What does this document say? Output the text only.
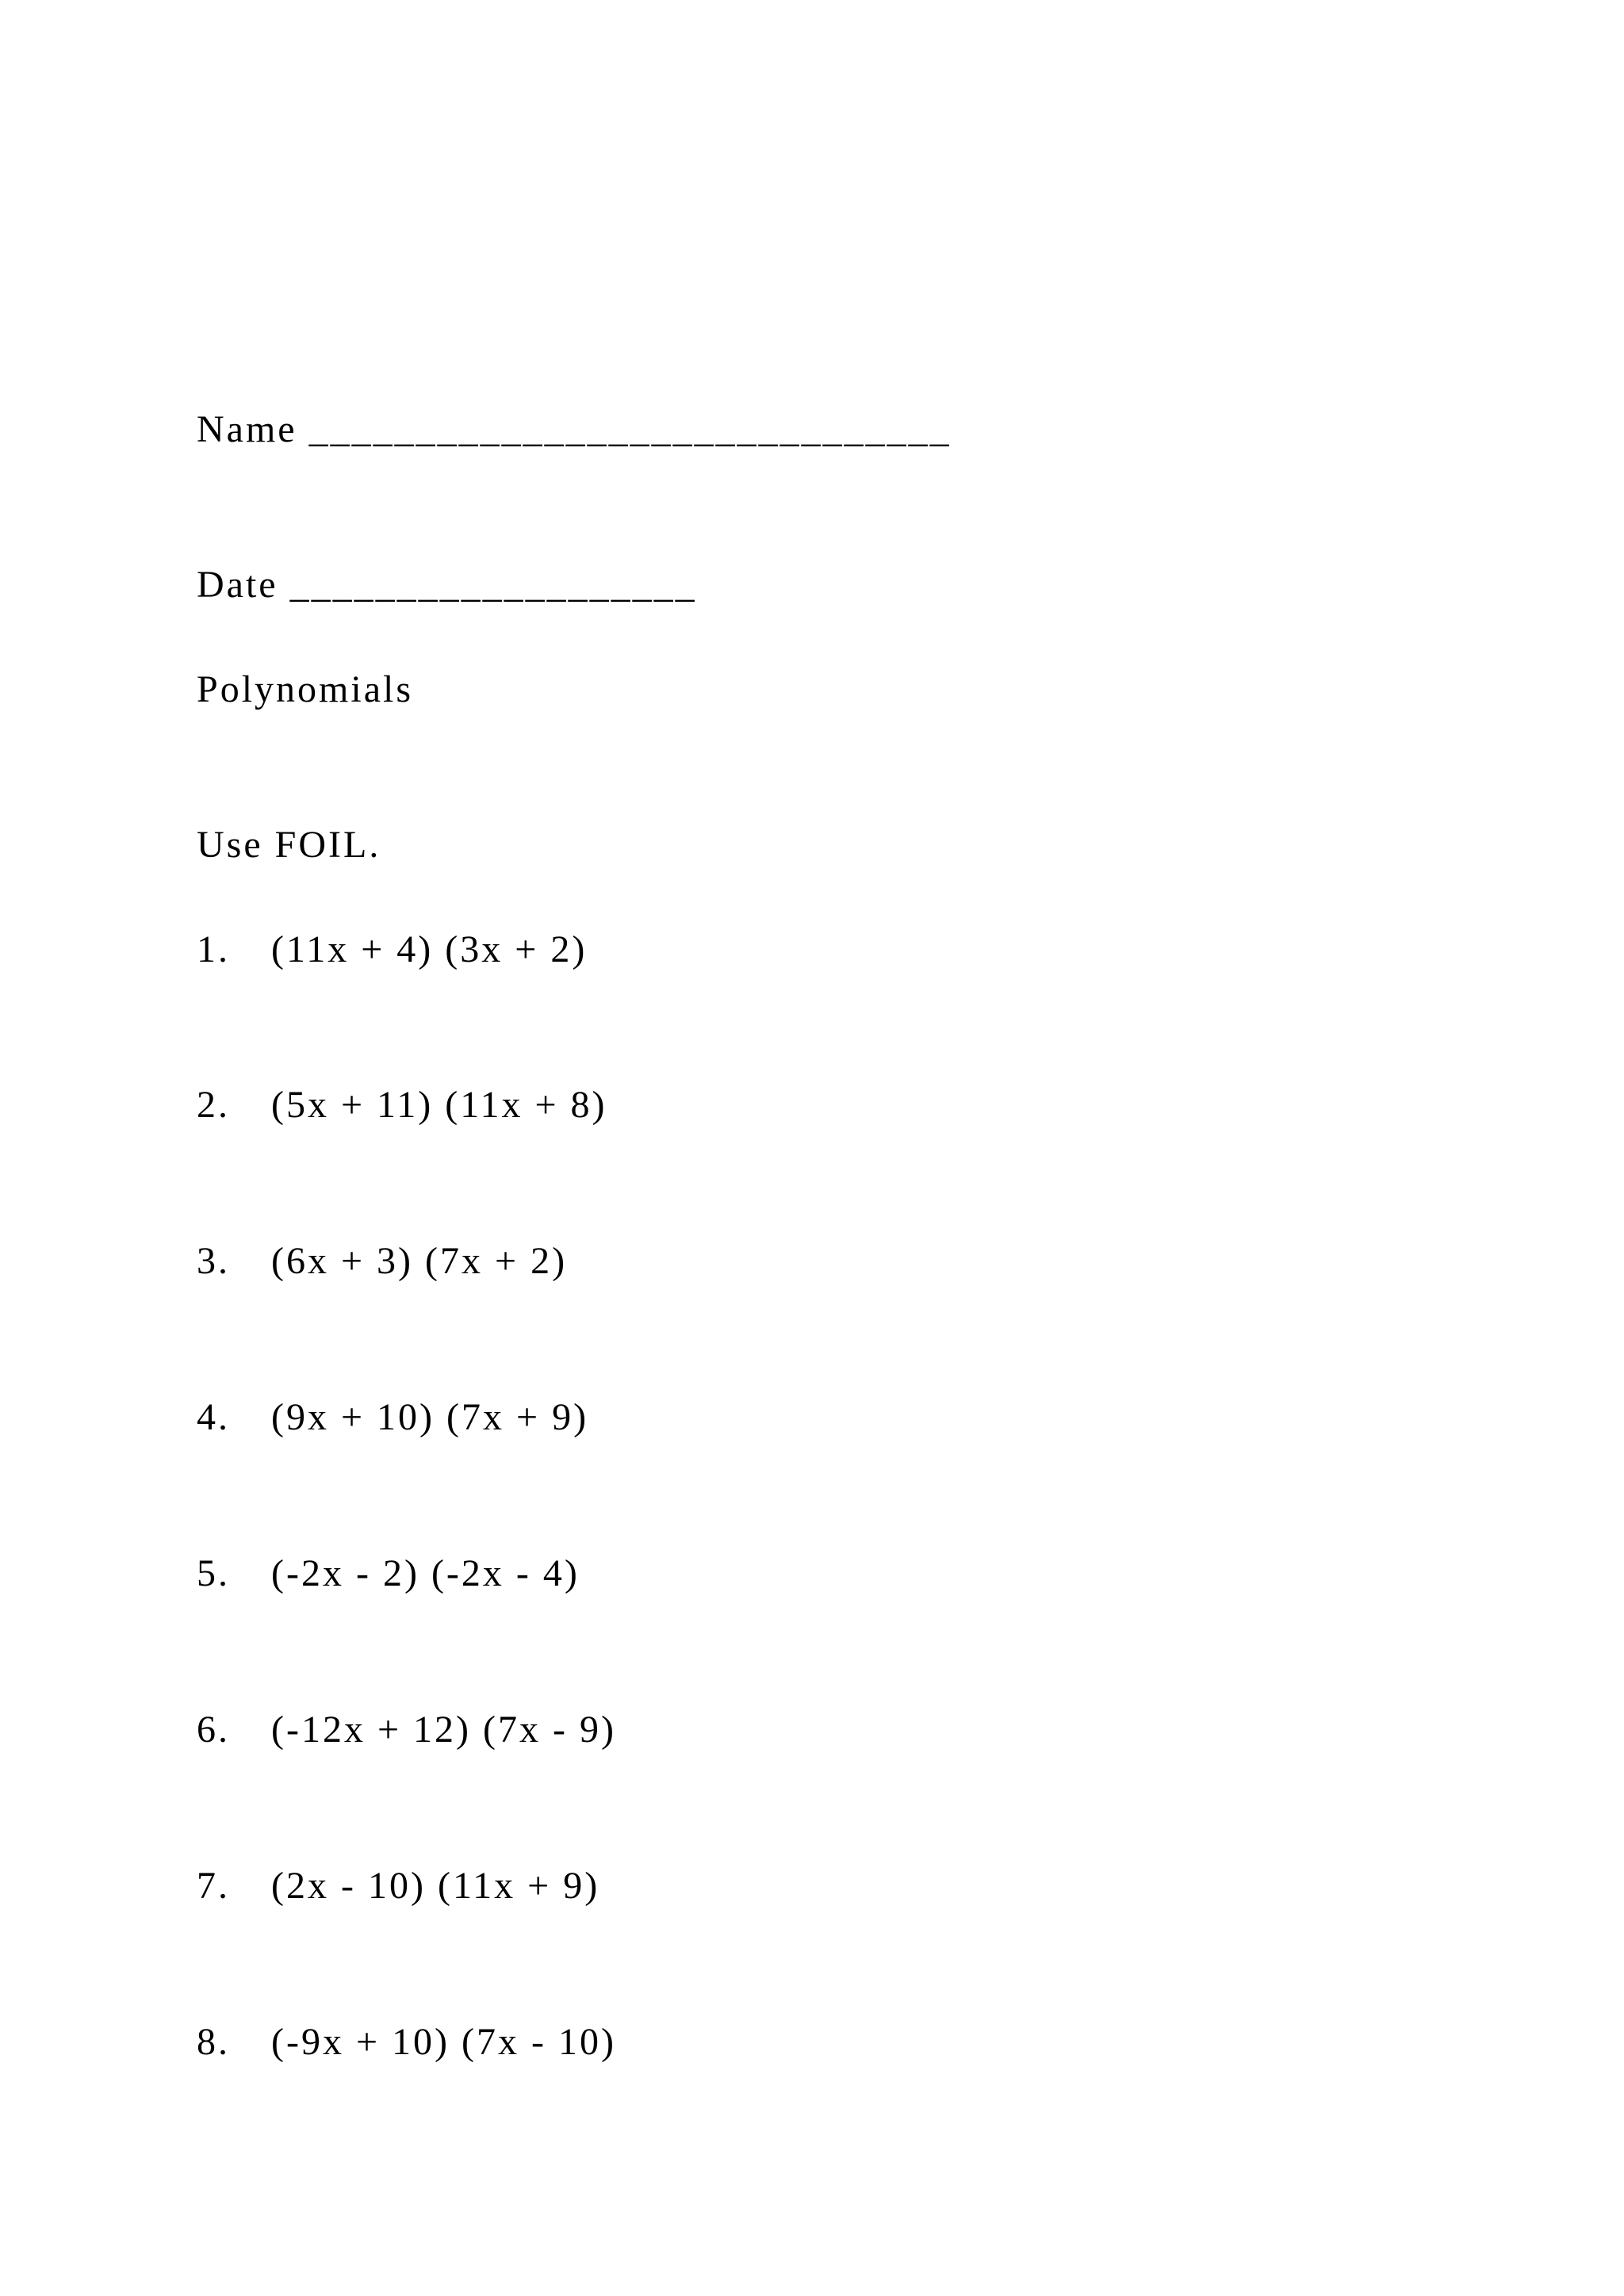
Name ______________________________
Date ___________________
Polynomials
Use FOIL.
1. (11x + 4) (3x + 2)
2. (5x + 11) (11x + 8)
3. (6x + 3) (7x + 2)
4. (9x + 10) (7x + 9)
5. (-2x - 2) (-2x - 4)
6. (-12x + 12) (7x - 9)
7. (2x - 10) (11x + 9)
8. (-9x + 10) (7x - 10)
